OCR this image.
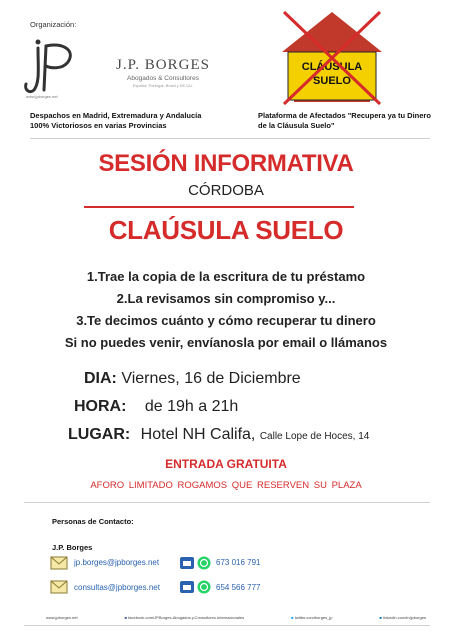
Organización:
J.P. BORGES
Abogados & Consultores
España, Portugal, Brasil y EE.UU.
www.jpborges.net
Despachos en Madrid, Extremadura y Andalucía
100% Victoriosos en varias Provincias
CLÁUSULA
SUELO
Plataforma de Afectados "Recupera ya tu Dinero
de la Cláusula Suelo"
SESIÓN INFORMATIVA
CÓRDOBA
CLAÚSULA SUELO
1.Trae la copia de la escritura de tu préstamo
2.La revisamos sin compromiso y...
3.Te decimos cuánto y cómo recuperar tu dinero
Si no puedes venir, envíanosla por email o llámanos
DIA: Viernes, 16 de Diciembre
HORA: de 19h a 21h
LUGAR: Hotel NH Califa, Calle Lope de Hoces, 14
ENTRADA GRATUITA
AFORO LIMITADO ROGAMOS QUE RESERVEN SU PLAZA
Personas de Contacto:
J.P. Borges
jp.borges@jpborges.net	673 016 791
consultas@jpborges.net	654 566 777
www.jpborges.net	■ facebook.com/JPBorges.Abogados.y.Consultores.Internacionales	■ twitter.com/borges_jp	■ linkedin.com/in/jpborges
